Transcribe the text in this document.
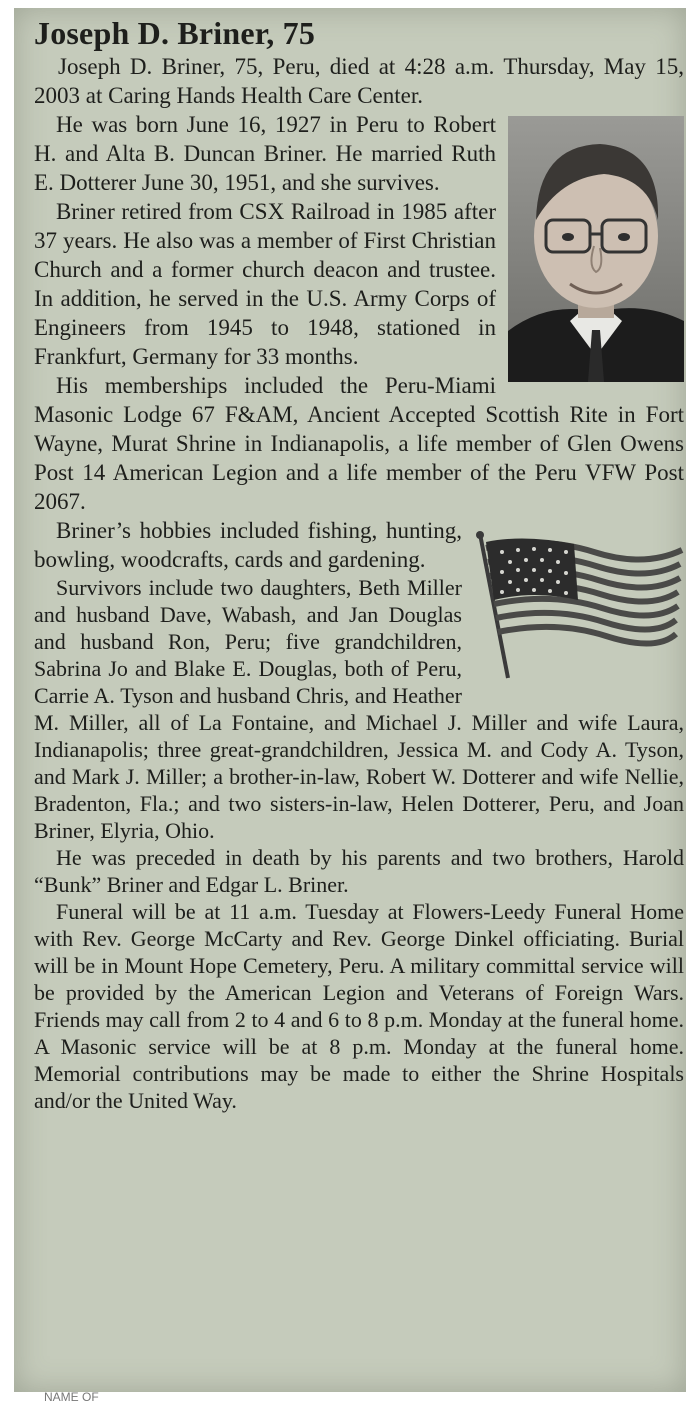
Joseph D. Briner, 75

Joseph D. Briner, 75, Peru, died at 4:28 a.m. Thursday, May 15, 2003 at Caring Hands Health Care Center.

He was born June 16, 1927 in Peru to Robert H. and Alta B. Duncan Briner. He married Ruth E. Dotterer June 30, 1951, and she survives.

Briner retired from CSX Railroad in 1985 after 37 years. He also was a member of First Christian Church and a former church deacon and trustee. In addition, he served in the U.S. Army Corps of Engineers from 1945 to 1948, stationed in Frankfurt, Germany for 33 months.

His memberships included the Peru-Miami Masonic Lodge 67 F&AM, Ancient Accepted Scottish Rite in Fort Wayne, Murat Shrine in Indianapolis, a life member of Glen Owens Post 14 American Legion and a life member of the Peru VFW Post 2067.

Briner’s hobbies included fishing, hunting, bowling, woodcrafts, cards and gardening.

Survivors include two daughters, Beth Miller and husband Dave, Wabash, and Jan Douglas and husband Ron, Peru; five grandchildren, Sabrina Jo and Blake E. Douglas, both of Peru, Carrie A. Tyson and husband Chris, and Heather M. Miller, all of La Fontaine, and Michael J. Miller and wife Laura, Indianapolis; three great-grandchildren, Jessica M. and Cody A. Tyson, and Mark J. Miller; a brother-in-law, Robert W. Dotterer and wife Nellie, Bradenton, Fla.; and two sisters-in-law, Helen Dotterer, Peru, and Joan Briner, Elyria, Ohio.

He was preceded in death by his parents and two brothers, Harold “Bunk” Briner and Edgar L. Briner.

Funeral will be at 11 a.m. Tuesday at Flowers-Leedy Funeral Home with Rev. George McCarty and Rev. George Dinkel officiating. Burial will be in Mount Hope Cemetery, Peru. A military committal service will be provided by the American Legion and Veterans of Foreign Wars. Friends may call from 2 to 4 and 6 to 8 p.m. Monday at the funeral home. A Masonic service will be at 8 p.m. Monday at the funeral home. Memorial contributions may be made to either the Shrine Hospitals and/or the United Way.

NAME OF
